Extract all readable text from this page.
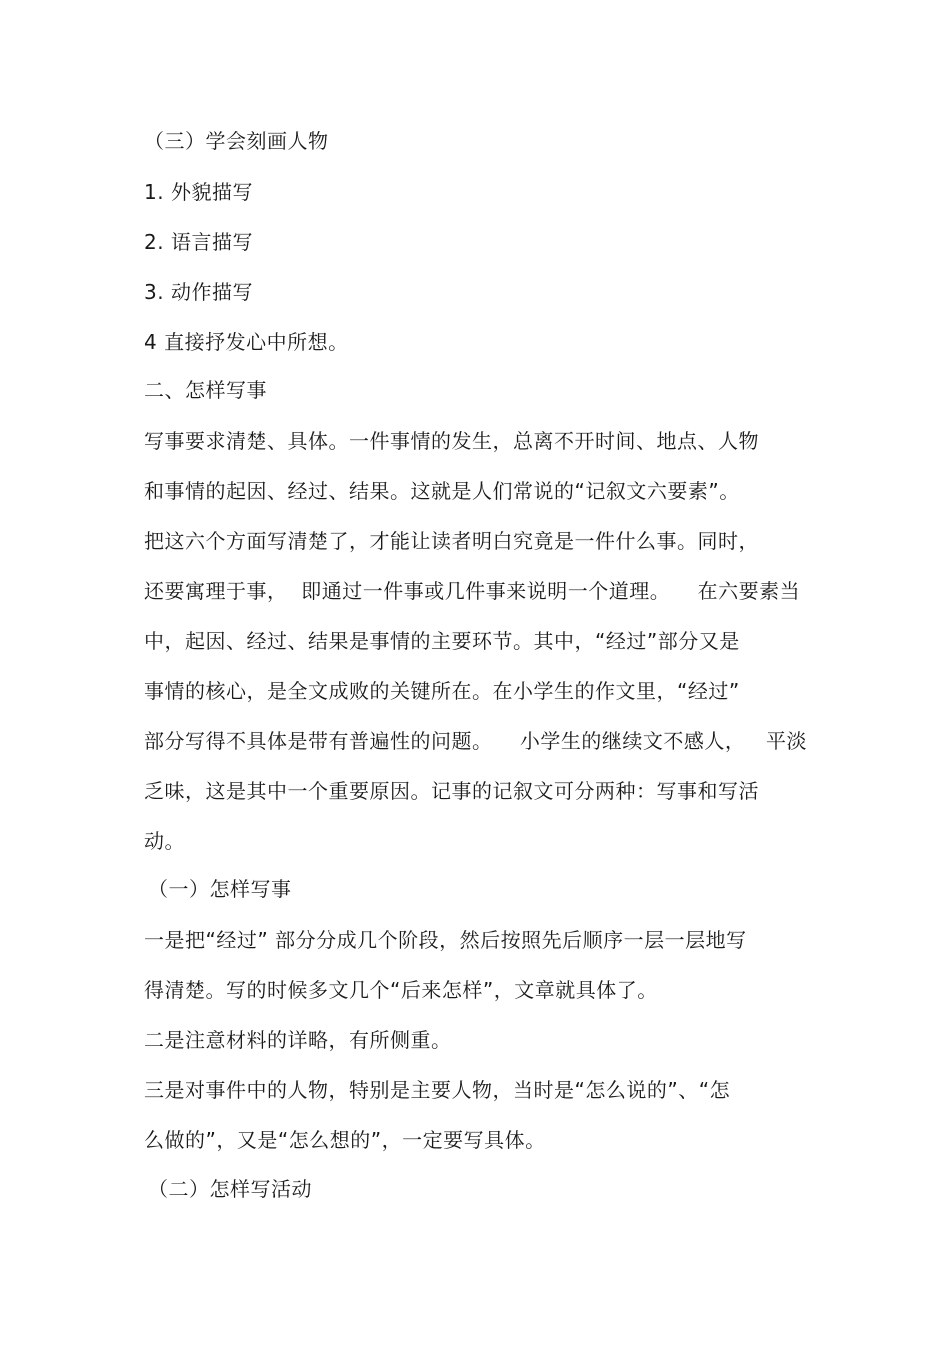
（三）学会刻画人物
1. 外貌描写
2. 语言描写
3. 动作描写
4 直接抒发心中所想。
二、怎样写事
写事要求清楚、具体。一件事情的发生，总离不开时间、地点、人物
和事情的起因、经过、结果。这就是人们常说的“记叙文六要素”。
把这六个方面写清楚了，才能让读者明白究竟是一件什么事。同时，
还要寓理于事，  即通过一件事或几件事来说明一个道理。    在六要素当
中，起因、经过、结果是事情的主要环节。其中，“经过”部分又是
事情的核心，是全文成败的关键所在。在小学生的作文里，“经过”
部分写得不具体是带有普遍性的问题。    小学生的继续文不感人，   平淡
乏味，这是其中一个重要原因。记事的记叙文可分两种：写事和写活
动。
（一）怎样写事
一是把“经过” 部分分成几个阶段，然后按照先后顺序一层一层地写
得清楚。写的时候多文几个“后来怎样”，文章就具体了。
二是注意材料的详略，有所侧重。
三是对事件中的人物，特别是主要人物，当时是“怎么说的”、“怎
么做的”，又是“怎么想的”，一定要写具体。
（二）怎样写活动
